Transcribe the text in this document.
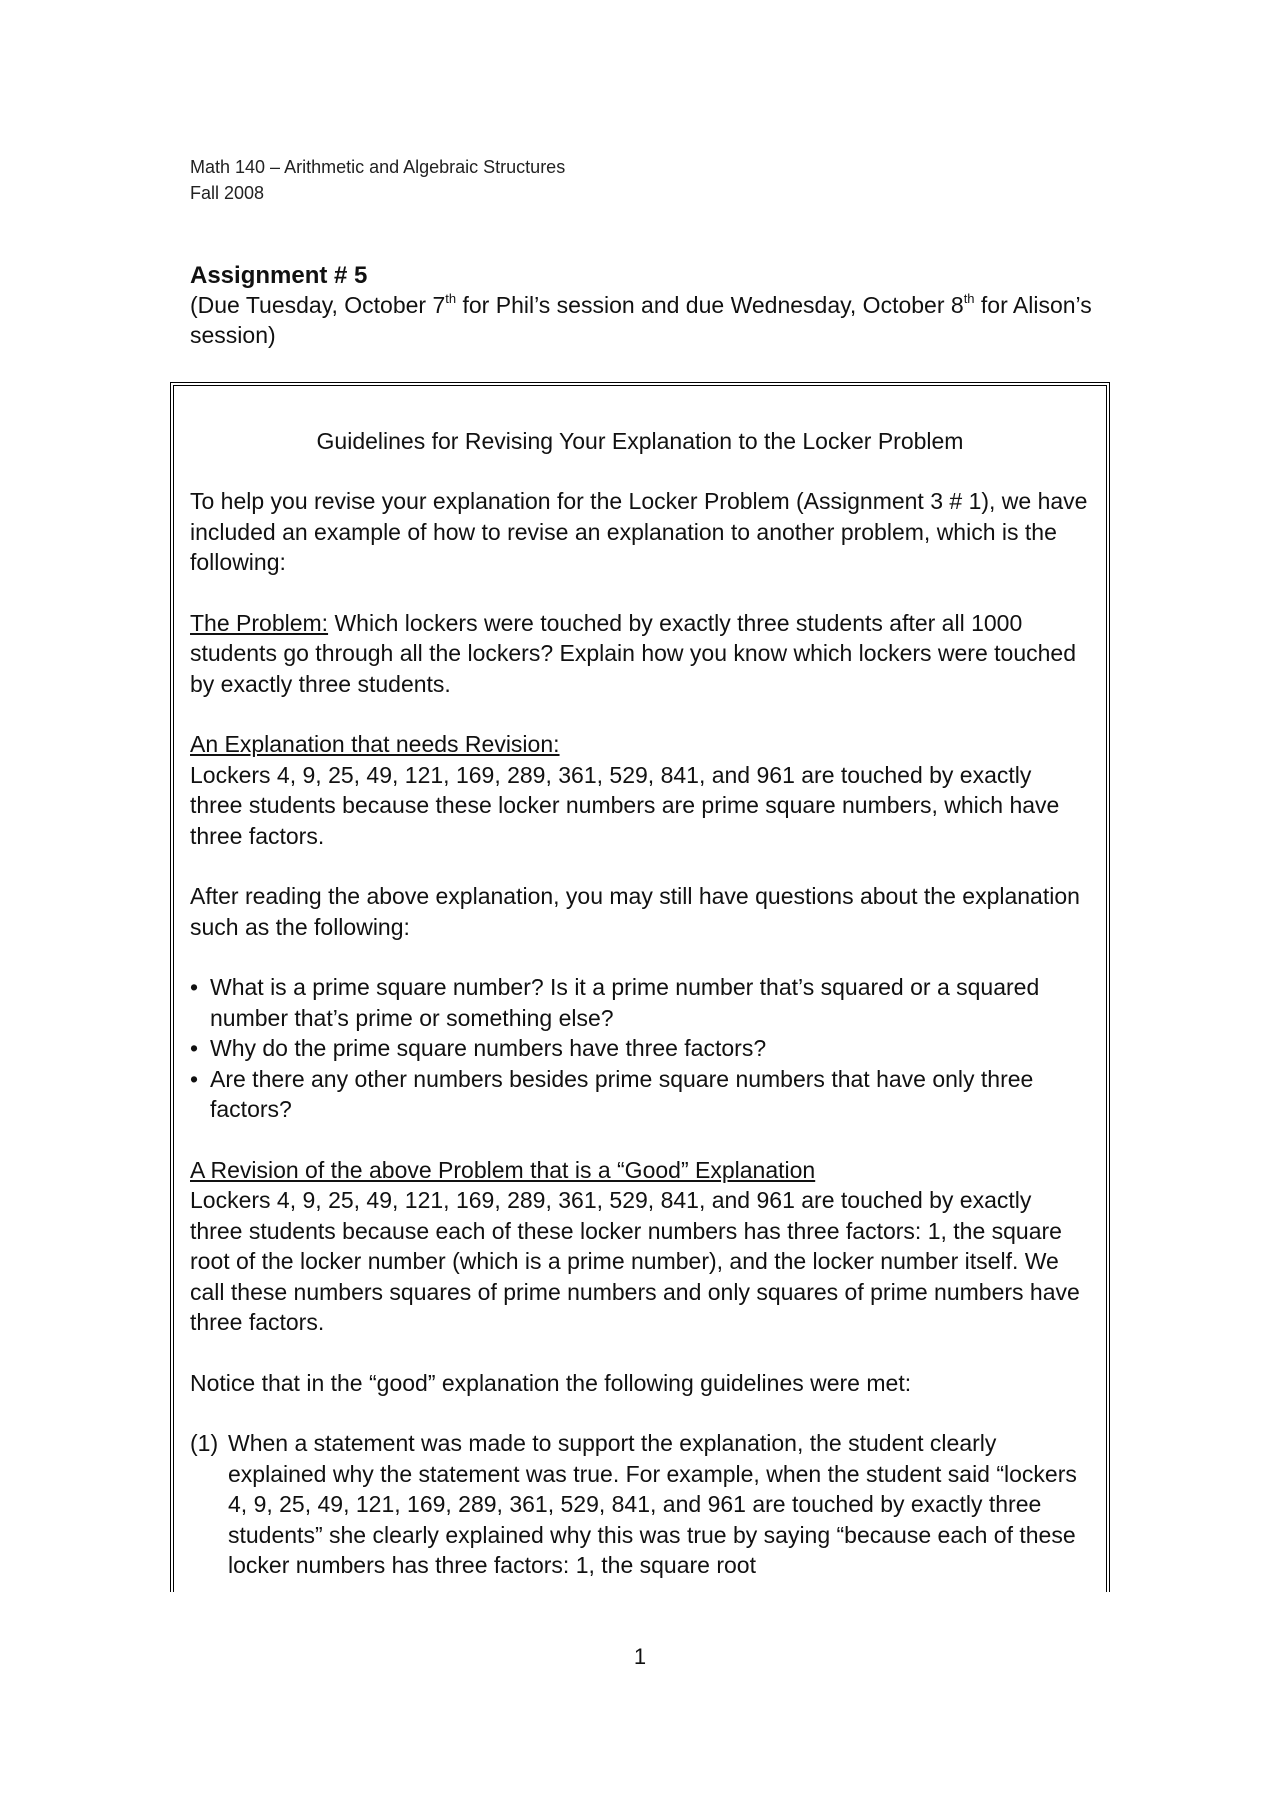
Math 140 – Arithmetic and Algebraic Structures
Fall 2008
Assignment # 5
(Due Tuesday, October 7th for Phil’s session and due Wednesday, October 8th for Alison’s session)
Guidelines for Revising Your Explanation to the Locker Problem
To help you revise your explanation for the Locker Problem (Assignment 3 # 1), we have included an example of how to revise an explanation to another problem, which is the following:
The Problem: Which lockers were touched by exactly three students after all 1000 students go through all the lockers? Explain how you know which lockers were touched by exactly three students.
An Explanation that needs Revision:
Lockers 4, 9, 25, 49, 121, 169, 289, 361, 529, 841, and 961 are touched by exactly three students because these locker numbers are prime square numbers, which have three factors.
After reading the above explanation, you may still have questions about the explanation such as the following:
• What is a prime square number? Is it a prime number that’s squared or a squared number that’s prime or something else?
• Why do the prime square numbers have three factors?
• Are there any other numbers besides prime square numbers that have only three factors?
A Revision of the above Problem that is a “Good” Explanation
Lockers 4, 9, 25, 49, 121, 169, 289, 361, 529, 841, and 961 are touched by exactly three students because each of these locker numbers has three factors: 1, the square root of the locker number (which is a prime number), and the locker number itself. We call these numbers squares of prime numbers and only squares of prime numbers have three factors.
Notice that in the “good” explanation the following guidelines were met:
(1) When a statement was made to support the explanation, the student clearly explained why the statement was true. For example, when the student said “lockers 4, 9, 25, 49, 121, 169, 289, 361, 529, 841, and 961 are touched by exactly three students” she clearly explained why this was true by saying “because each of these locker numbers has three factors: 1, the square root
1
